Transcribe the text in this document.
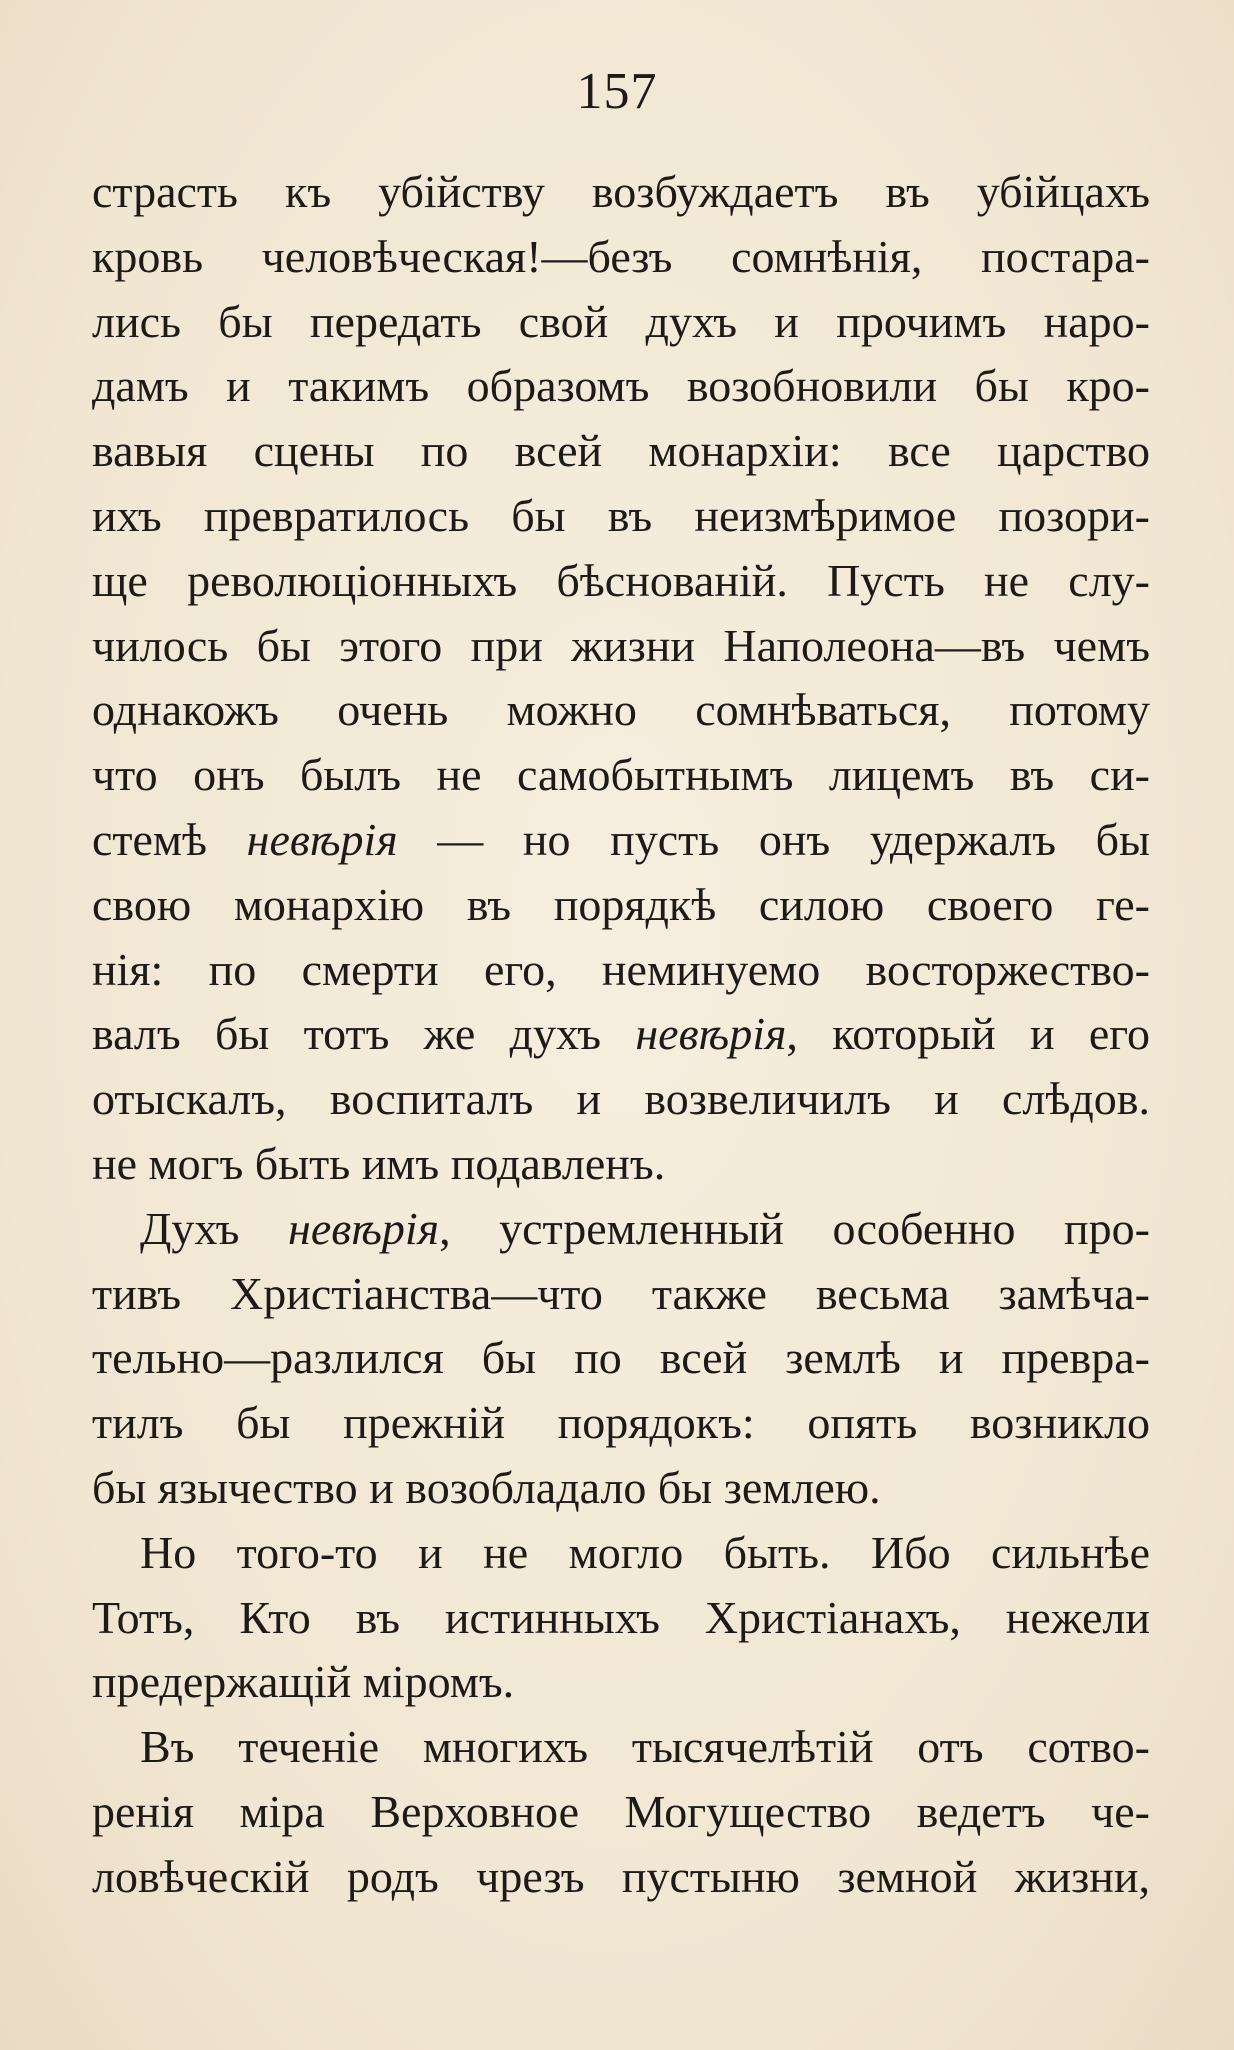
157
страсть къ убійству возбуждаетъ въ убійцахъ
кровь человѣческая!—безъ сомнѣнія, постара-
лись бы передать свой духъ и прочимъ наро-
дамъ и такимъ образомъ возобновили бы кро-
вавыя сцены по всей монархіи: все царство
ихъ превратилось бы въ неизмѣримое позори-
ще революціонныхъ бѣснованій. Пусть не слу-
чилось бы этого при жизни Наполеона—въ чемъ
однакожъ очень можно сомнѣваться, потому
что онъ былъ не самобытнымъ лицемъ въ си-
стемѣ невѣрія — но пусть онъ удержалъ бы
свою монархію въ порядкѣ силою своего ге-
нія: по смерти его, неминуемо восторжество-
валъ бы тотъ же духъ невѣрія, который и его
отыскалъ, воспиталъ и возвеличилъ и слѣдов.
не могъ быть имъ подавленъ.
Духъ невѣрія, устремленный особенно про-
тивъ Христіанства—что также весьма замѣча-
тельно—разлился бы по всей землѣ и превра-
тилъ бы прежній порядокъ: опять возникло
бы язычество и возобладало бы землею.
Но того-то и не могло быть. Ибо сильнѣе
Тотъ, Кто въ истинныхъ Христіанахъ, нежели
предержащій міромъ.
Въ теченіе многихъ тысячелѣтій отъ сотво-
ренія міра Верховное Могущество ведетъ че-
ловѣческій родъ чрезъ пустыню земной жизни,
